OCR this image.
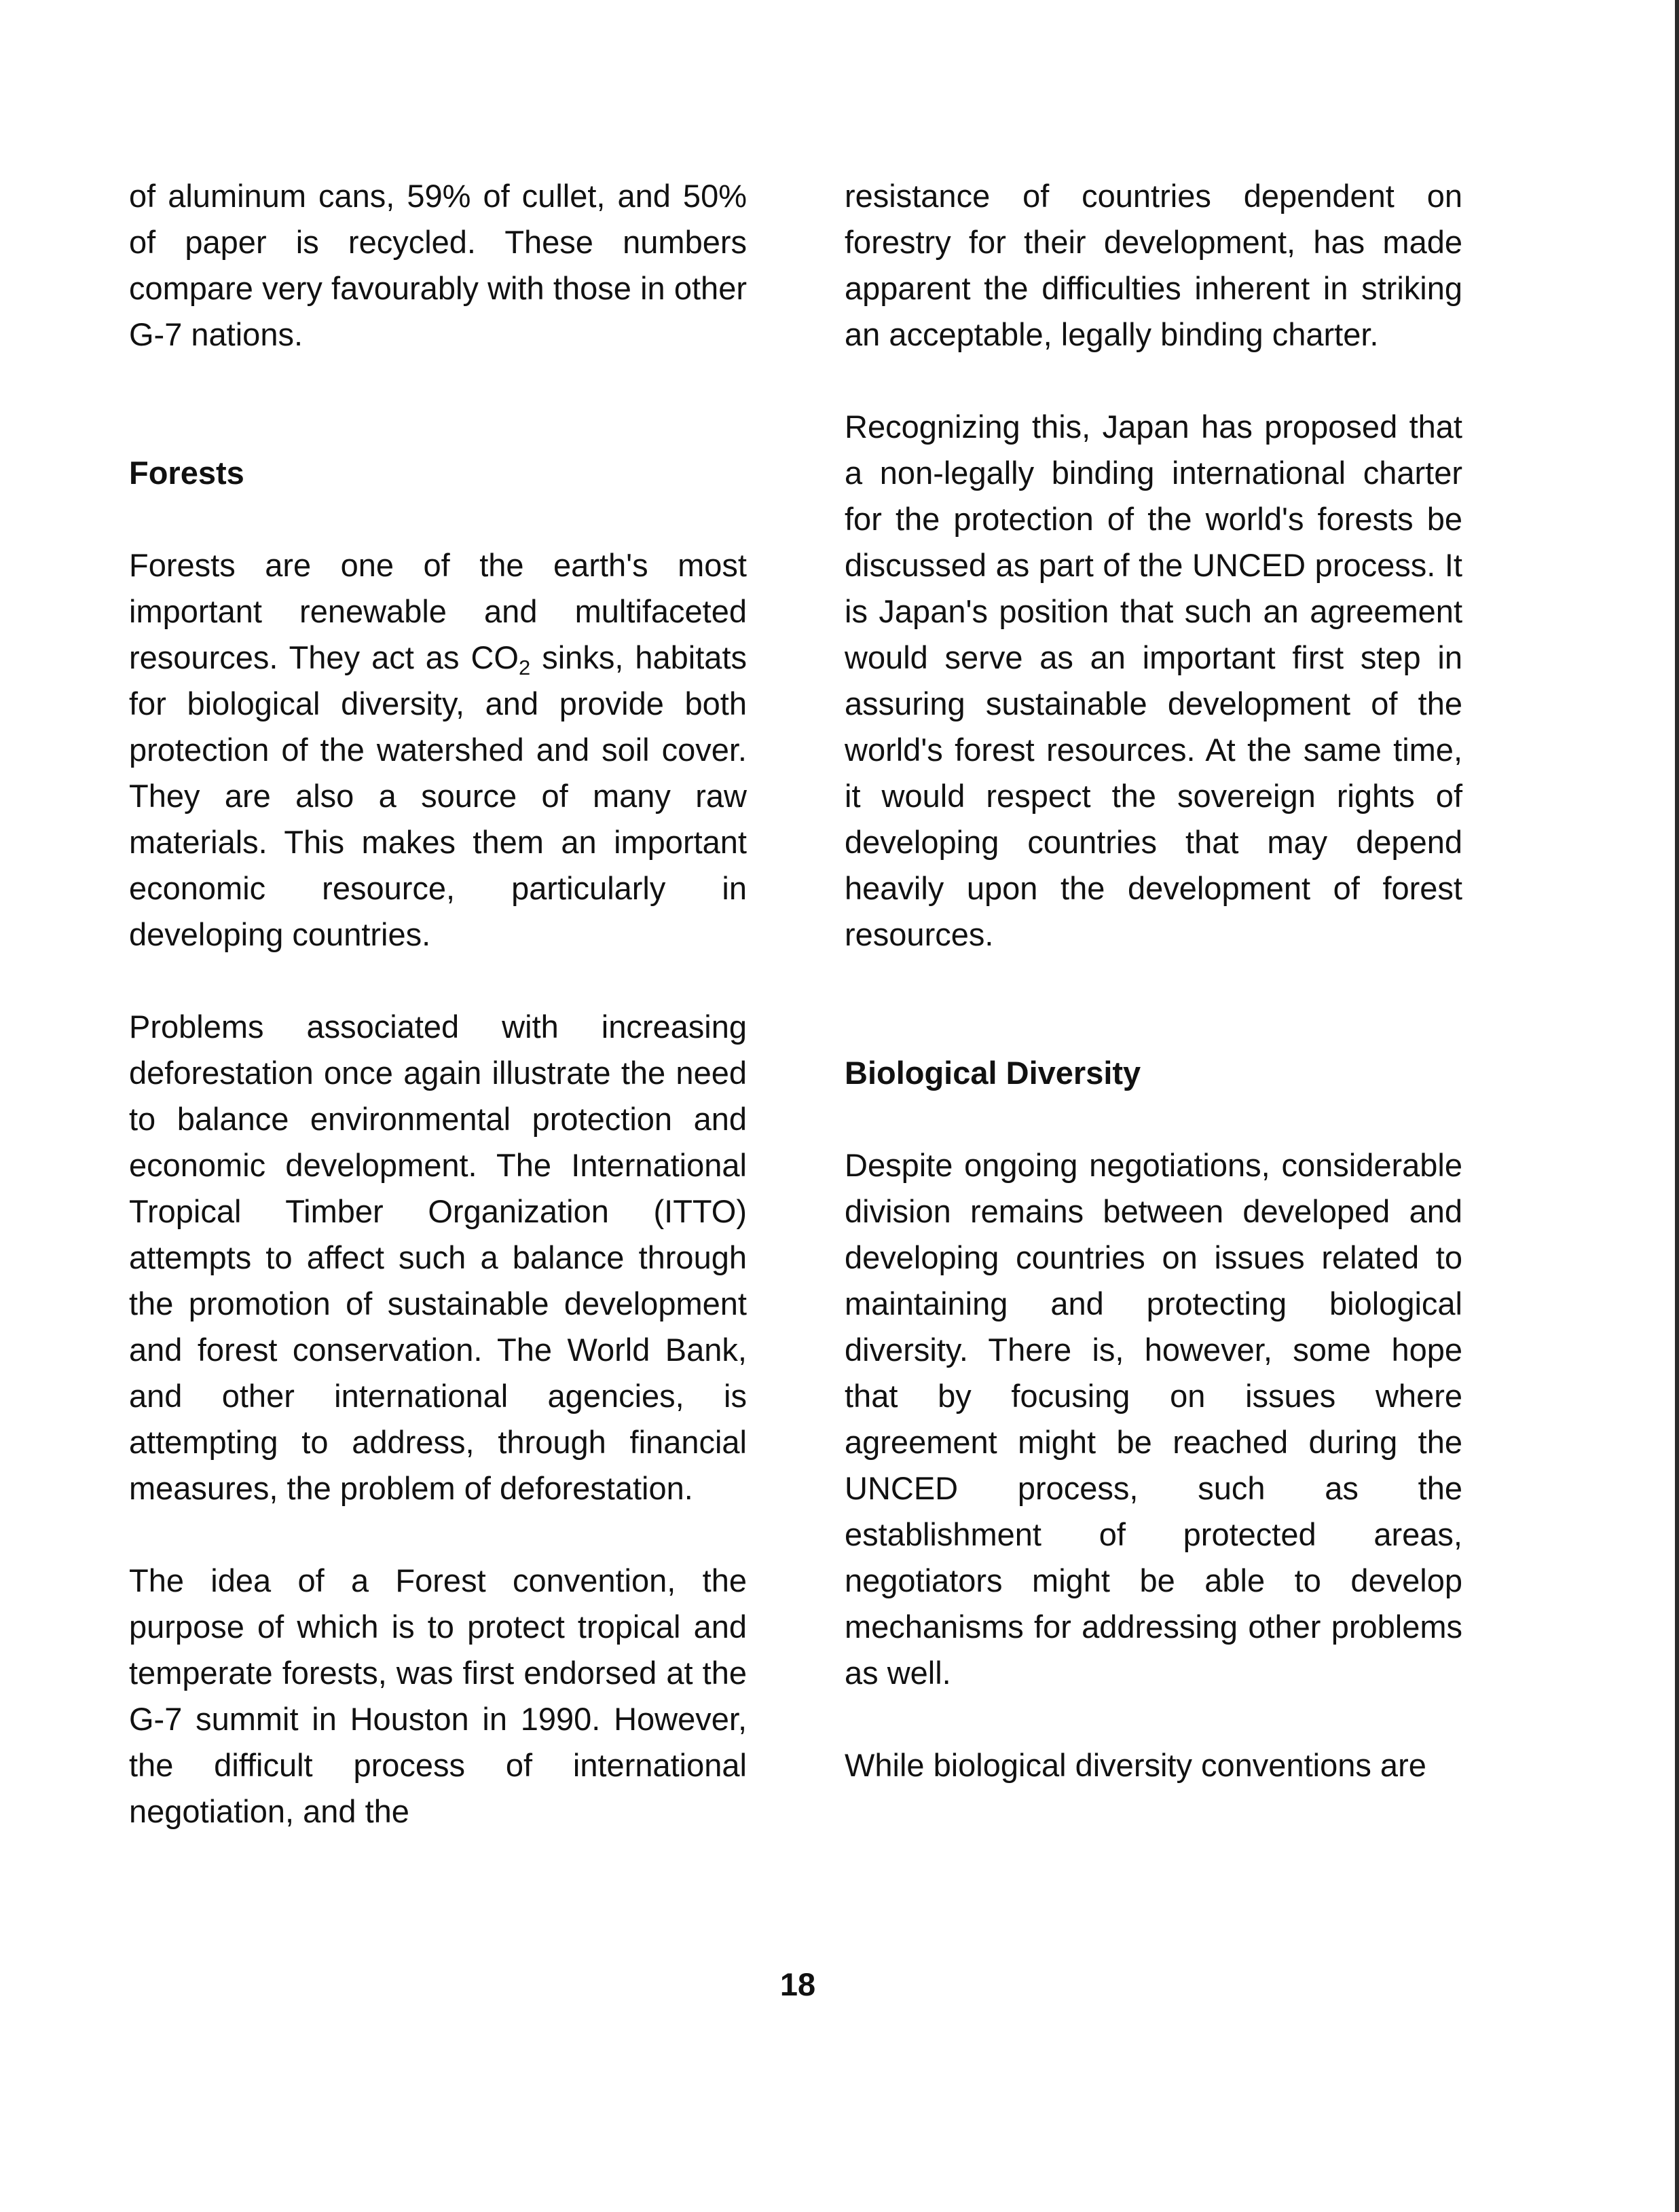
of aluminum cans, 59% of cullet, and 50% of paper is recycled. These numbers compare very favourably with those in other G-7 nations.

Forests

Forests are one of the earth's most important renewable and multifaceted resources. They act as $CO_2$ sinks, habitats for biological diversity, and provide both protection of the watershed and soil cover. They are also a source of many raw materials. This makes them an important economic resource, particularly in developing countries.

Problems associated with increasing deforestation once again illustrate the need to balance environmental protection and economic development. The International Tropical Timber Organization (ITTO) attempts to affect such a balance through the promotion of sustainable development and forest conservation. The World Bank, and other international agencies, is attempting to address, through financial measures, the problem of deforestation.

The idea of a Forest convention, the purpose of which is to protect tropical and temperate forests, was first endorsed at the G-7 summit in Houston in 1990. However, the difficult process of international negotiation, and the

resistance of countries dependent on forestry for their development, has made apparent the difficulties inherent in striking an acceptable, legally binding charter.

Recognizing this, Japan has proposed that a non-legally binding international charter for the protection of the world's forests be discussed as part of the UNCED process. It is Japan's position that such an agreement would serve as an important first step in assuring sustainable development of the world's forest resources. At the same time, it would respect the sovereign rights of developing countries that may depend heavily upon the development of forest resources.

Biological Diversity

Despite ongoing negotiations, considerable division remains between developed and developing countries on issues related to maintaining and protecting biological diversity. There is, however, some hope that by focusing on issues where agreement might be reached during the UNCED process, such as the establishment of protected areas, negotiators might be able to develop mechanisms for addressing other problems as well.

While biological diversity conventions are

18
